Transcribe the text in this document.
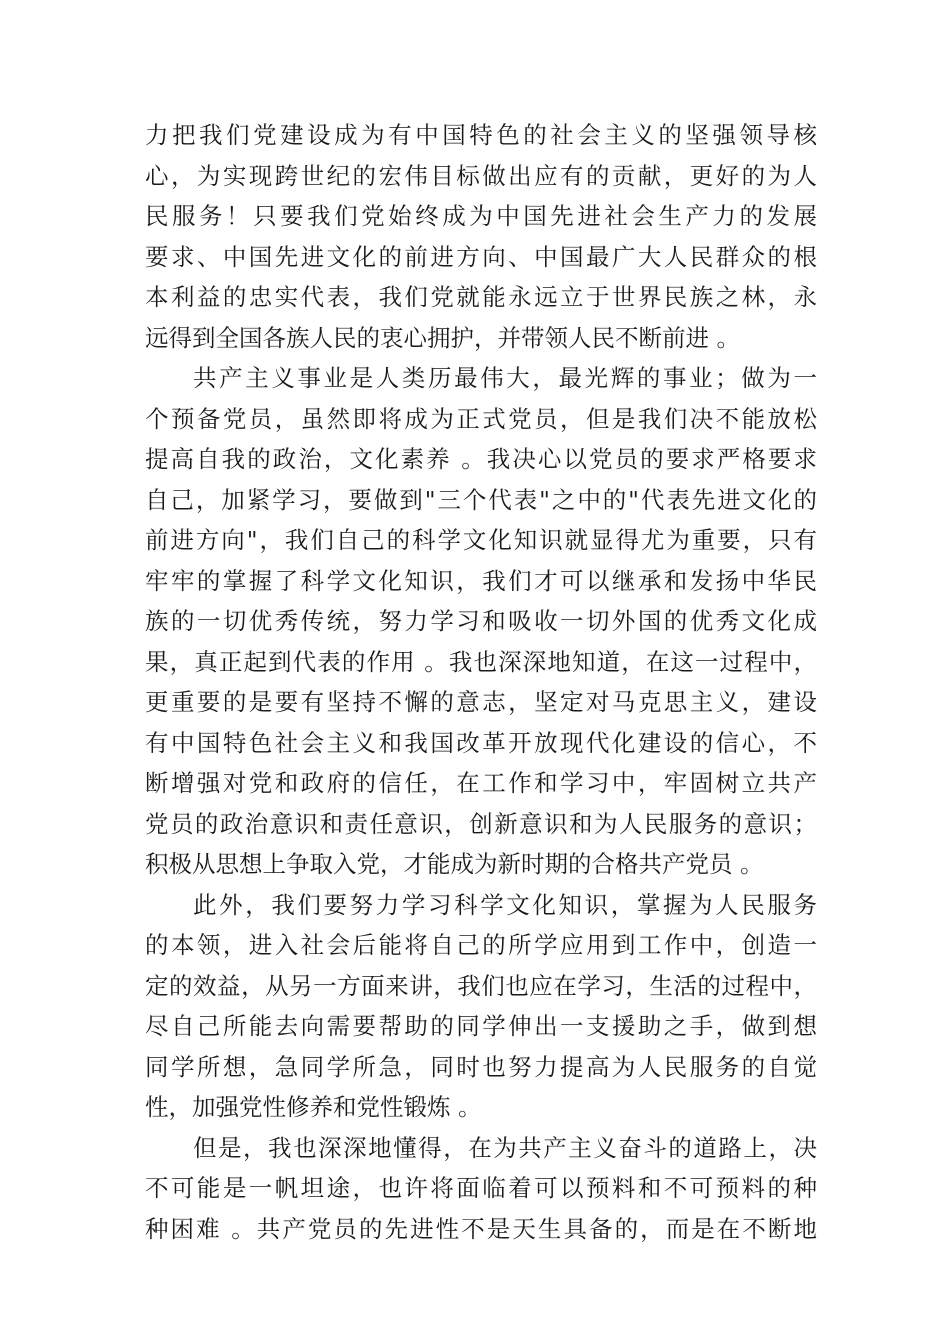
力把我们党建设成为有中国特色的社会主义的坚强领导核
心，为实现跨世纪的宏伟目标做出应有的贡献，更好的为人
民服务！只要我们党始终成为中国先进社会生产力的发展
要求、中国先进文化的前进方向、中国最广大人民群众的根
本利益的忠实代表，我们党就能永远立于世界民族之林，永
远得到全国各族人民的衷心拥护，并带领人民不断前进 。
共产主义事业是人类历最伟大，最光辉的事业；做为一
个预备党员，虽然即将成为正式党员，但是我们决不能放松
提高自我的政治，文化素养 。我决心以党员的要求严格要求
自己，加紧学习，要做到"三个代表"之中的"代表先进文化的
前进方向"，我们自己的科学文化知识就显得尤为重要，只有
牢牢的掌握了科学文化知识，我们才可以继承和发扬中华民
族的一切优秀传统，努力学习和吸收一切外国的优秀文化成
果，真正起到代表的作用 。我也深深地知道，在这一过程中，
更重要的是要有坚持不懈的意志，坚定对马克思主义，建设
有中国特色社会主义和我国改革开放现代化建设的信心，不
断增强对党和政府的信任，在工作和学习中，牢固树立共产
党员的政治意识和责任意识，创新意识和为人民服务的意识；
积极从思想上争取入党，才能成为新时期的合格共产党员 。
此外，我们要努力学习科学文化知识，掌握为人民服务
的本领，进入社会后能将自己的所学应用到工作中，创造一
定的效益，从另一方面来讲，我们也应在学习，生活的过程中，
尽自己所能去向需要帮助的同学伸出一支援助之手，做到想
同学所想，急同学所急，同时也努力提高为人民服务的自觉
性，加强党性修养和党性锻炼 。
但是，我也深深地懂得，在为共产主义奋斗的道路上，决
不可能是一帆坦途，也许将面临着可以预料和不可预料的种
种困难 。共产党员的先进性不是天生具备的，而是在不断地
